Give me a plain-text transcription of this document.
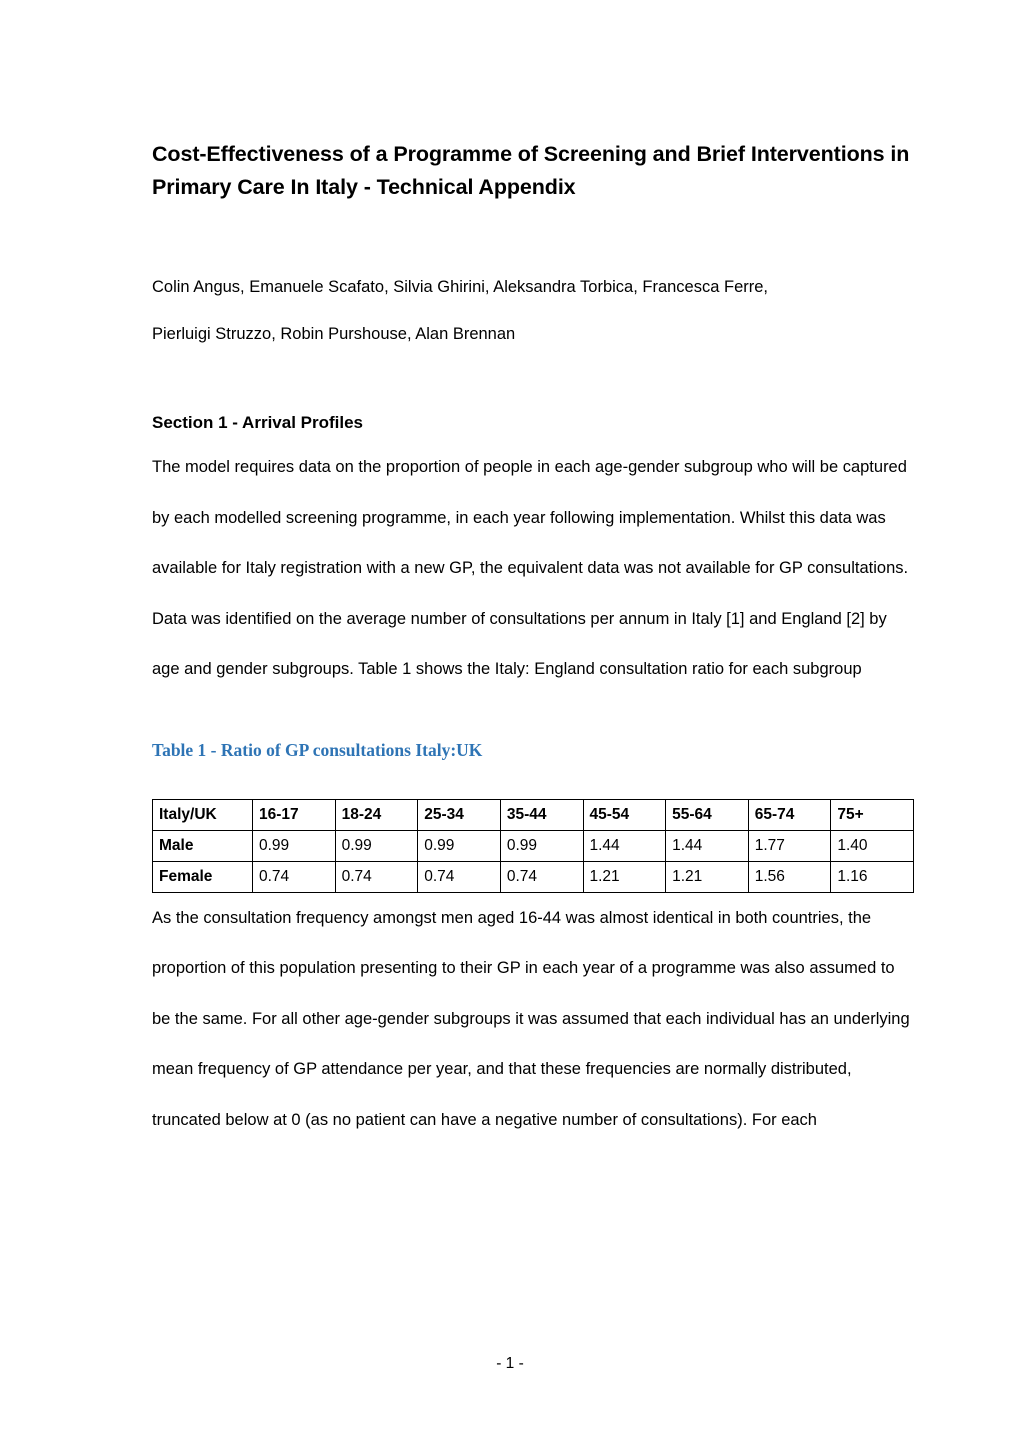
Cost-Effectiveness of a Programme of Screening and Brief Interventions in Primary Care In Italy - Technical Appendix

Colin Angus, Emanuele Scafato, Silvia Ghirini, Aleksandra Torbica, Francesca Ferre,

Pierluigi Struzzo, Robin Purshouse, Alan Brennan

Section 1 - Arrival Profiles

The model requires data on the proportion of people in each age-gender subgroup who will be captured by each modelled screening programme, in each year following implementation. Whilst this data was available for Italy registration with a new GP, the equivalent data was not available for GP consultations. Data was identified on the average number of consultations per annum in Italy [1] and England [2] by age and gender subgroups. Table 1 shows the Italy: England consultation ratio for each subgroup

Table 1 - Ratio of GP consultations Italy:UK

Italy/UK	16-17	18-24	25-34	35-44	45-54	55-64	65-74	75+
Male	0.99	0.99	0.99	0.99	1.44	1.44	1.77	1.40
Female	0.74	0.74	0.74	0.74	1.21	1.21	1.56	1.16

As the consultation frequency amongst men aged 16-44 was almost identical in both countries, the proportion of this population presenting to their GP in each year of a programme was also assumed to be the same. For all other age-gender subgroups it was assumed that each individual has an underlying mean frequency of GP attendance per year, and that these frequencies are normally distributed, truncated below at 0 (as no patient can have a negative number of consultations). For each

- 1 -
